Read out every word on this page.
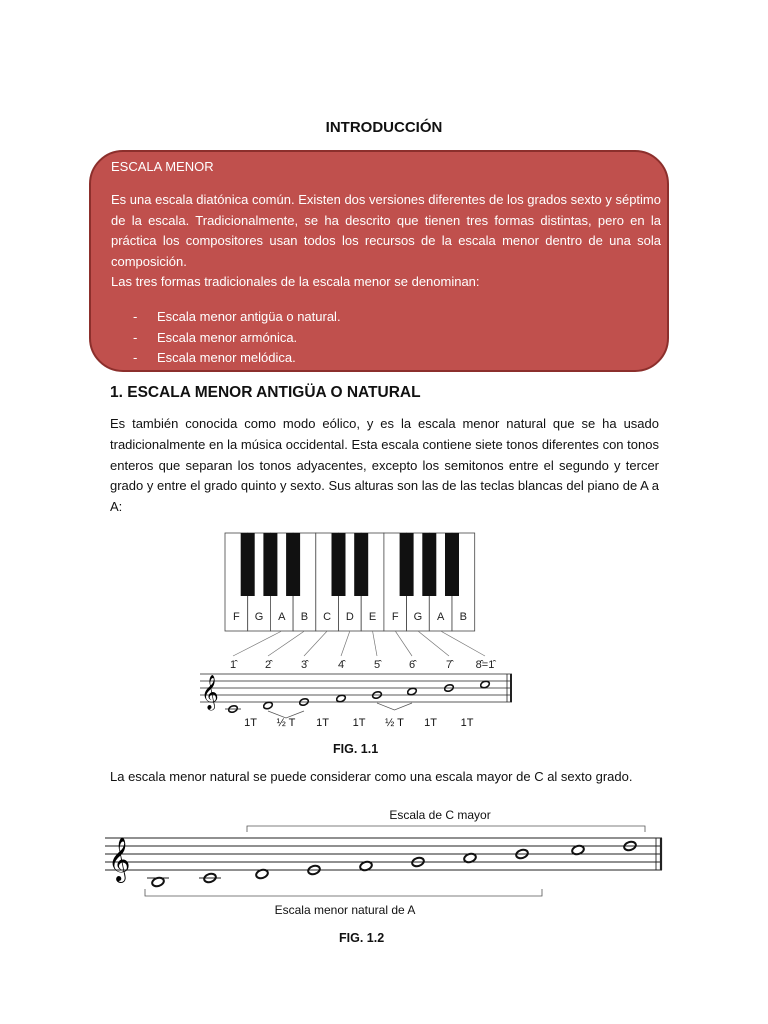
INTRODUCCIÓN
ESCALA MENOR
Es una escala diatónica común. Existen dos versiones diferentes de los grados sexto y séptimo de la escala. Tradicionalmente, se ha descrito que tienen tres formas distintas, pero en la práctica los compositores usan todos los recursos de la escala menor dentro de una sola composición.
Las tres formas tradicionales de la escala menor se denominan:
- Escala menor antigüa o natural.
- Escala menor armónica.
- Escala menor melódica.
1. ESCALA MENOR ANTIGÜA O NATURAL
Es también conocida como modo eólico, y es la escala menor natural que se ha usado tradicionalmente en la música occidental. Esta escala contiene siete tonos diferentes con tonos enteros que separan los tonos adyacentes, excepto los semitonos entre el segundo y tercer grado y entre el grado quinto y sexto. Sus alturas son las de las teclas blancas del piano de A a A:
F G A B C D E F G A B
1̂	2̂	3̂	4̂	5̂	6̂	7̂ 8̂=1̂
𝄞
1T ½ T 1T 1T ½ T 1T 1T
FIG. 1.1
La escala menor natural se puede considerar como una escala mayor de C al sexto grado.
Escala de C mayor
𝄞
Escala menor natural de A
FIG. 1.2
